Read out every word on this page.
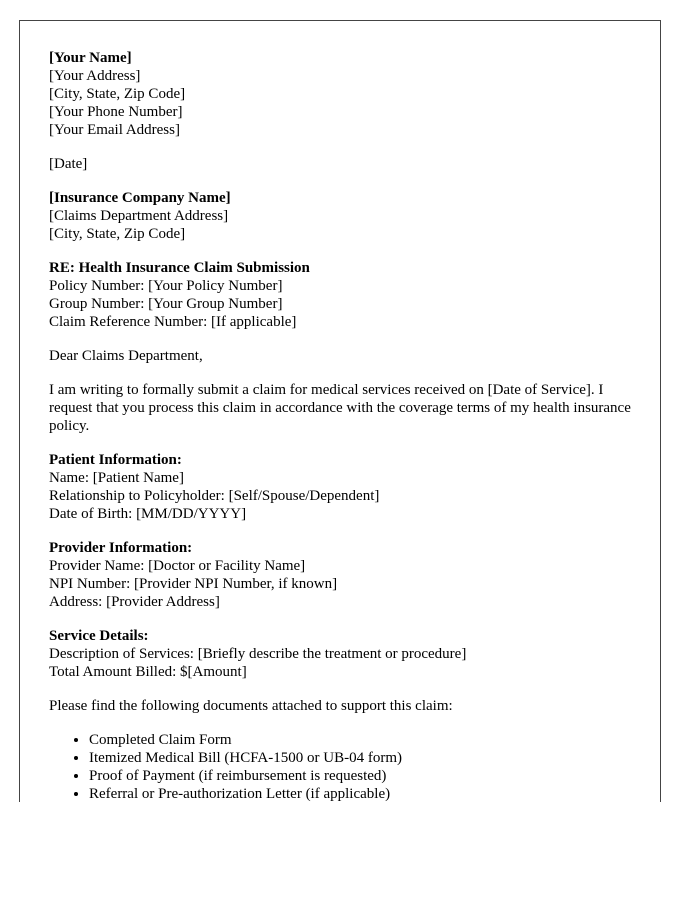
[Your Name]
[Your Address]
[City, State, Zip Code]
[Your Phone Number]
[Your Email Address]
[Date]
[Insurance Company Name]
[Claims Department Address]
[City, State, Zip Code]
RE: Health Insurance Claim Submission
Policy Number: [Your Policy Number]
Group Number: [Your Group Number]
Claim Reference Number: [If applicable]
Dear Claims Department,
I am writing to formally submit a claim for medical services received on [Date of Service]. I request that you process this claim in accordance with the coverage terms of my health insurance policy.
Patient Information:
Name: [Patient Name]
Relationship to Policyholder: [Self/Spouse/Dependent]
Date of Birth: [MM/DD/YYYY]
Provider Information:
Provider Name: [Doctor or Facility Name]
NPI Number: [Provider NPI Number, if known]
Address: [Provider Address]
Service Details:
Description of Services: [Briefly describe the treatment or procedure]
Total Amount Billed: $[Amount]
Please find the following documents attached to support this claim:
• Completed Claim Form
• Itemized Medical Bill (HCFA-1500 or UB-04 form)
• Proof of Payment (if reimbursement is requested)
• Referral or Pre-authorization Letter (if applicable)
